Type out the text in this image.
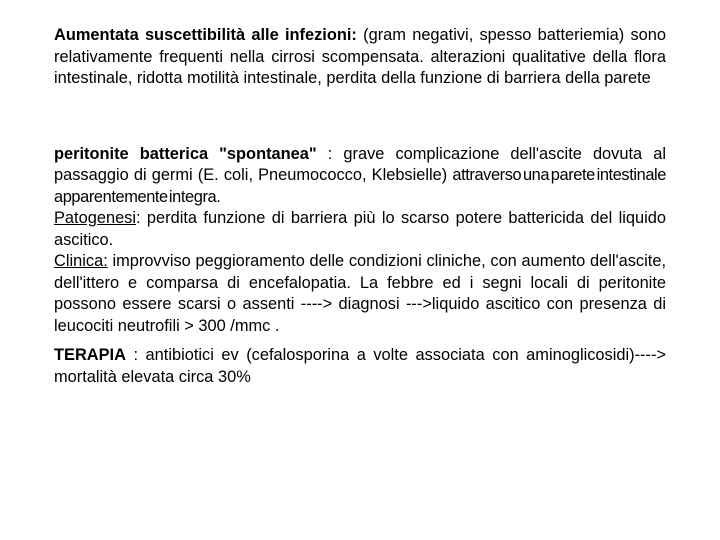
Aumentata suscettibilità alle infezioni: (gram negativi, spesso batteriemia) sono relativamente frequenti nella cirrosi scompensata. alterazioni qualitative della flora intestinale, ridotta motilità intestinale, perdita della funzione di barriera della parete

peritonite batterica "spontanea" : grave complicazione dell'ascite dovuta al passaggio di germi (E. coli, Pneumococco, Klebsielle) attraverso una parete intestinale apparentemente integra.
Patogenesi: perdita funzione di barriera più lo scarso potere battericida del liquido ascitico.
Clinica: improvviso peggioramento delle condizioni cliniche, con aumento dell'ascite, dell'ittero e comparsa di encefalopatia. La febbre ed i segni locali di peritonite possono essere scarsi o assenti ----> diagnosi --->liquido ascitico con presenza di leucociti neutrofili > 300 /mmc .

TERAPIA : antibiotici ev (cefalosporina a volte associata con aminoglicosidi)----> mortalità elevata circa 30%
